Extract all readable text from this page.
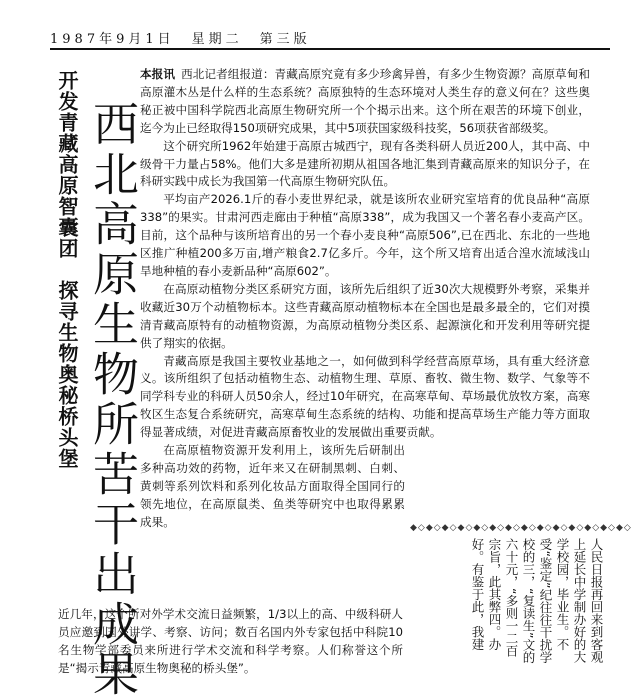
1987年9月1日　星期二　第三版
开发青藏高原智囊团　探寻生物奥秘桥头堡 西北高原生物所苦干出成果

本报讯 西北记者组报道：青藏高原究竟有多少珍禽异兽，有多少生物资源？高原草甸和高原灌木丛是什么样的生态系统？高原独特的生态环境对人类生存的意义何在？这些奥秘正被中国科学院西北高原生物研究所一个个揭示出来。这个所在艰苦的环境下创业，迄今为止已经取得150项研究成果，其中5项获国家级科技奖，56项获省部级奖。

这个研究所1962年始建于高原古城西宁，现有各类科研人员近200人，其中高、中级骨干力量占58%。他们大多是建所初期从祖国各地汇集到青藏高原来的知识分子，在科研实践中成长为我国第一代高原生物研究队伍。

平均亩产2026.1斤的春小麦世界纪录，就是该所农业研究室培育的优良品种“高原338”的果实。甘肃河西走廊由于种植“高原338”，成为我国又一个著名春小麦高产区。目前，这个品种与该所培育出的另一个春小麦良种“高原506”,已在西北、东北的一些地区推广种植200多万亩,增产粮食2.7亿多斤。今年，这个所又培育出适合湟水流域浅山旱地种植的春小麦新品种“高原602”。

在高原动植物分类区系研究方面，该所先后组织了近30次大规模野外考察，采集并收藏近30万个动植物标本。这些青藏高原动植物标本在全国也是最多最全的，它们对摸清青藏高原特有的动植物资源，为高原动植物分类区系、起源演化和开发利用等研究提供了翔实的依据。

青藏高原是我国主要牧业基地之一，如何做到科学经营高原草场，具有重大经济意义。该所组织了包括动植物生态、动植物生理、草原、畜牧、微生物、数学、气象等不同学科专业的科研人员50余人，经过10年研究，在高寒草甸、草场最优放牧方案，高寒牧区生态复合系统研究，高寒草甸生态系统的结构、功能和提高草场生产能力等方面取得显著成绩，对促进青藏高原畜牧业的发展做出重要贡献。

在高原植物资源开发利用上，该所先后研制出多种高功效的药物，近年来又在研制黑刺、白刺、黄刺等系列饮料和系列化妆品方面取得全国同行的领先地位，在高原鼠类、鱼类等研究中也取得累累成果。

近几年，这个所对外学术交流日益频繁，1/3以上的高、中级科研人员应邀到国外讲学、考察、访问；数百名国内外专家包括中科院10名生物学部委员来所进行学术交流和科学考察。人们称誉这个所是“揭示青藏高原生物奥秘的桥头堡”。

◆◇◆◇◆◇◆◇◆◇◆◇◆◇◆◇◆◇◆◇◆◇◆◇◆◇◆◇
人民日报再回来到客观上延长中学制办好的大学校园，毕业生。不受“鉴定”纪往往干扰学校的三，“复读生”文的六十元，“多则一二百宗旨，此其弊四。办好。有鉴于此，我建
